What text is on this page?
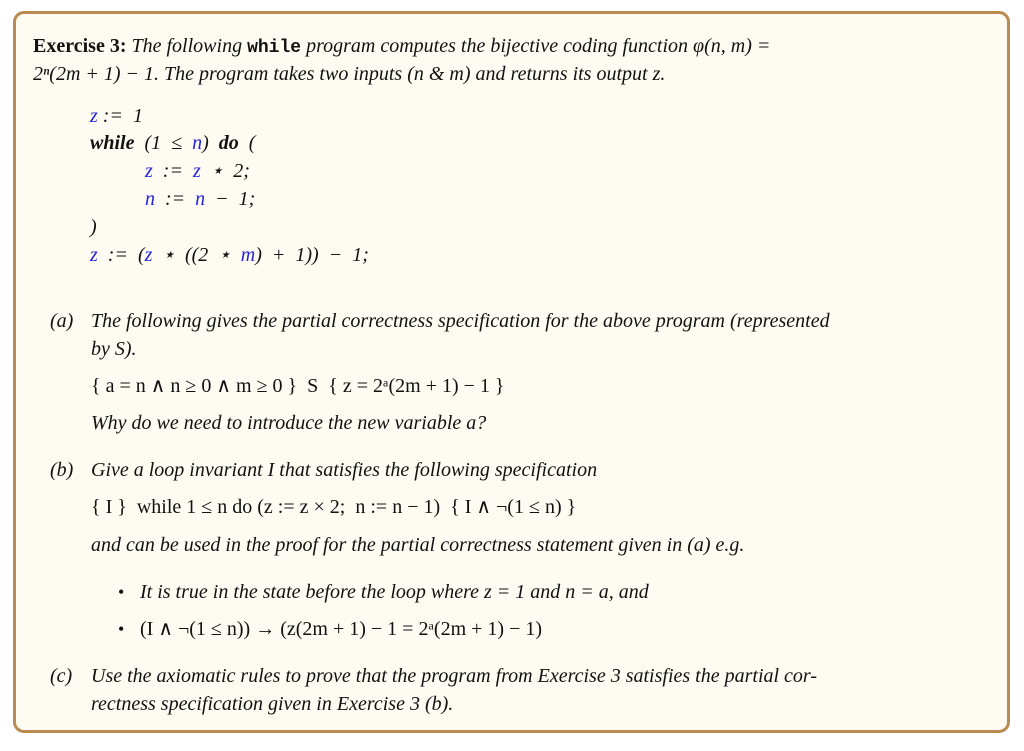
Exercise 3: The following while program computes the bijective coding function φ(n, m) =
2ⁿ(2m + 1) − 1. The program takes two inputs (n & m) and returns its output z.
z :=  1
while  (1  ≤  n)  do  (
z  :=  z  ⋆  2;
n  :=  n  −  1;
)
z  :=  (z  ⋆  ((2  ⋆  m)  +  1))  −  1;
(a) The following gives the partial correctness specification for the above program (represented
by S).
{ a = n ∧ n ≥ 0 ∧ m ≥ 0 }  S  { z = 2ᵃ(2m + 1) − 1 }
Why do we need to introduce the new variable a?
(b) Give a loop invariant I that satisfies the following specification
{ I }  while 1 ≤ n do (z := z × 2;  n := n − 1)  { I ∧ ¬(1 ≤ n) }
and can be used in the proof for the partial correctness statement given in (a) e.g.
• It is true in the state before the loop where z = 1 and n = a, and
• (I ∧ ¬(1 ≤ n)) → (z(2m + 1) − 1 = 2ᵃ(2m + 1) − 1)
(c) Use the axiomatic rules to prove that the program from Exercise 3 satisfies the partial cor-
rectness specification given in Exercise 3 (b).
